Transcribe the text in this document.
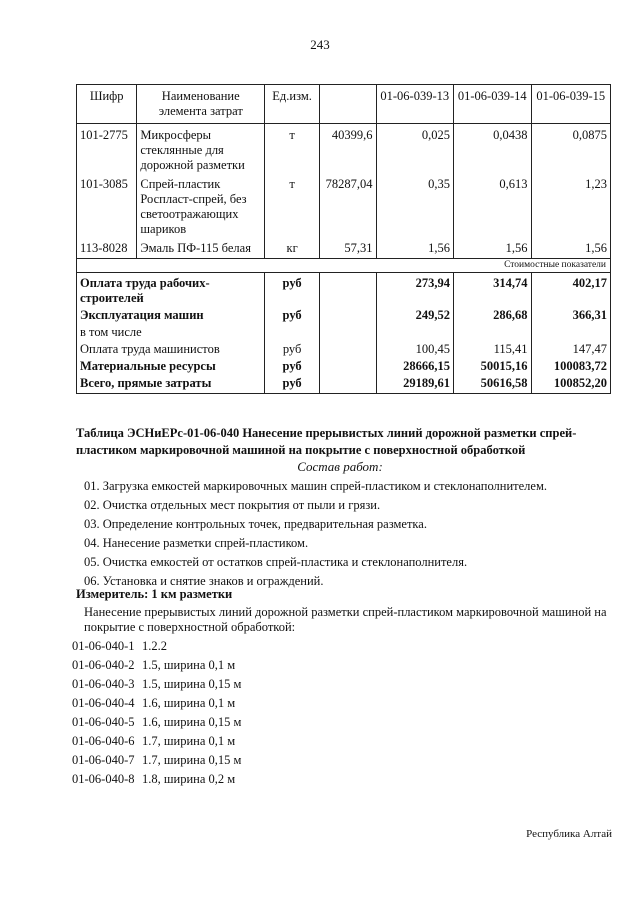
243
Шифр	Наименование элемента затрат	Ед.изм.		01-06-039-13	01-06-039-14	01-06-039-15
101-2775	Микросферы стеклянные для дорожной разметки	т	40399,6	0,025	0,0438	0,0875
101-3085	Спрей-пластик Роспласт-спрей, без светоотражающих шариков	т	78287,04	0,35	0,613	1,23
113-8028	Эмаль ПФ-115 белая	кг	57,31	1,56	1,56	1,56
Стоимостные показатели						
Оплата труда рабочих-строителей		руб		273,94	314,74	402,17
Эксплуатация машин		руб		249,52	286,68	366,31
в том числе						
Оплата труда машинистов		руб		100,45	115,41	147,47
Материальные ресурсы		руб		28666,15	50015,16	100083,72
Всего, прямые затраты		руб		29189,61	50616,58	100852,20
Таблица ЭСНиЕРс-01-06-040 Нанесение прерывистых линий дорожной разметки спрей-пластиком маркировочной машиной на покрытие с поверхностной обработкой
Состав работ:
01. Загрузка емкостей маркировочных машин спрей-пластиком и стеклонаполнителем.
02. Очистка отдельных мест покрытия от пыли и грязи.
03. Определение контрольных точек, предварительная разметка.
04. Нанесение разметки спрей-пластиком.
05. Очистка емкостей от остатков спрей-пластика и стеклонаполнителя.
06. Установка и снятие знаков и ограждений.
Измеритель: 1 км разметки
Нанесение прерывистых линий дорожной разметки спрей-пластиком маркировочной машиной на покрытие с поверхностной обработкой:
01-06-040-1 1.2.2
01-06-040-2 1.5, ширина 0,1 м
01-06-040-3 1.5, ширина 0,15 м
01-06-040-4 1.6, ширина 0,1 м
01-06-040-5 1.6, ширина 0,15 м
01-06-040-6 1.7, ширина 0,1 м
01-06-040-7 1.7, ширина 0,15 м
01-06-040-8 1.8, ширина 0,2 м
Республика Алтай
